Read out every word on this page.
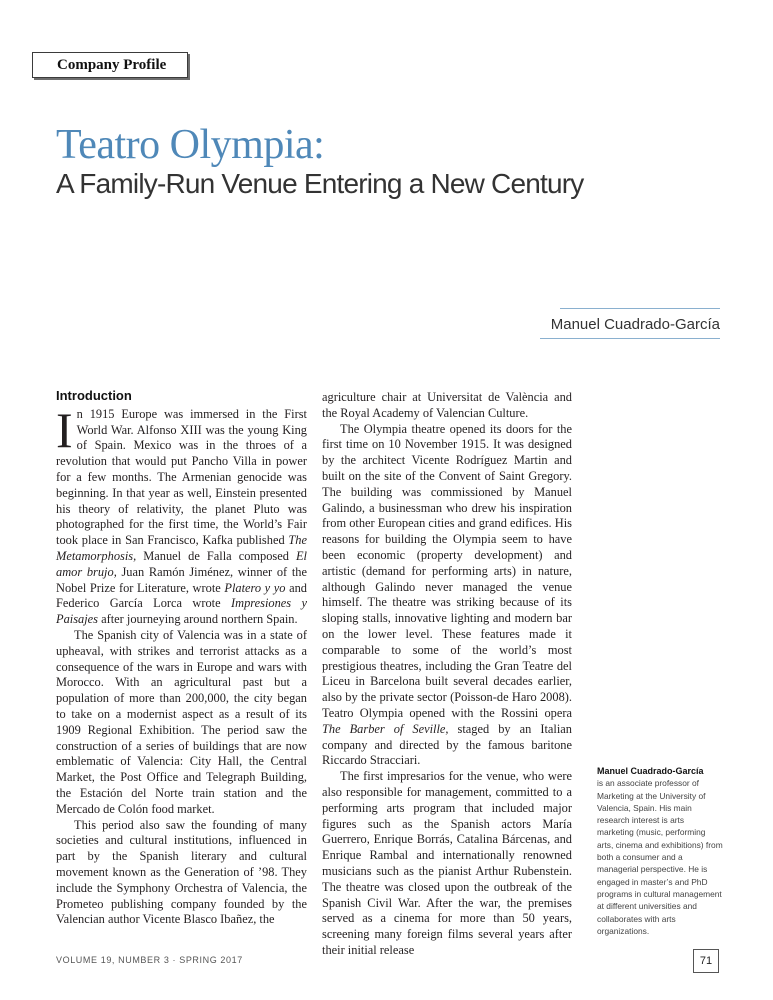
Company Profile
Teatro Olympia:
A Family-Run Venue Entering a New Century
Manuel Cuadrado-García
Introduction

In 1915 Europe was immersed in the First World War. Alfonso XIII was the young King of Spain. Mexico was in the throes of a revolution that would put Pancho Villa in power for a few months. The Armenian genocide was beginning. In that year as well, Einstein presented his theory of relativity, the planet Pluto was photographed for the first time, the World’s Fair took place in San Francisco, Kafka published The Metamorphosis, Manuel de Falla composed El amor brujo, Juan Ramón Jiménez, winner of the Nobel Prize for Literature, wrote Platero y yo and Federico García Lorca wrote Impresiones y Paisajes after journeying around northern Spain.

The Spanish city of Valencia was in a state of upheaval, with strikes and terrorist attacks as a consequence of the wars in Europe and wars with Morocco. With an agricultural past but a population of more than 200,000, the city began to take on a modernist aspect as a result of its 1909 Regional Exhibition. The period saw the construction of a series of buildings that are now emblematic of Valencia: City Hall, the Central Market, the Post Office and Telegraph Building, the Estación del Norte train station and the Mercado de Colón food market.

This period also saw the founding of many societies and cultural institutions, influenced in part by the Spanish literary and cultural movement known as the Generation of ’98. They include the Symphony Orchestra of Valencia, the Prometeo publishing company founded by the Valencian author Vicente Blasco Ibañez, the

agriculture chair at Universitat de València and the Royal Academy of Valencian Culture.

The Olympia theatre opened its doors for the first time on 10 November 1915. It was designed by the architect Vicente Rodríguez Martin and built on the site of the Convent of Saint Gregory. The building was commissioned by Manuel Galindo, a businessman who drew his inspiration from other European cities and grand edifices. His reasons for building the Olympia seem to have been economic (property development) and artistic (demand for performing arts) in nature, although Galindo never managed the venue himself. The theatre was striking because of its sloping stalls, innovative lighting and modern bar on the lower level. These features made it comparable to some of the world’s most prestigious theatres, including the Gran Teatre del Liceu in Barcelona built several decades earlier, also by the private sector (Poisson-de Haro 2008). Teatro Olympia opened with the Rossini opera The Barber of Seville, staged by an Italian company and directed by the famous baritone Riccardo Stracciari.

The first impresarios for the venue, who were also responsible for management, committed to a performing arts program that included major figures such as the Spanish actors María Guerrero, Enrique Borrás, Catalina Bárcenas, and Enrique Rambal and internationally renowned musicians such as the pianist Arthur Rubenstein. The theatre was closed upon the outbreak of the Spanish Civil War. After the war, the premises served as a cinema for more than 50 years, screening many foreign films several years after their initial release

Manuel Cuadrado-García
is an associate professor of Marketing at the University of Valencia, Spain. His main research interest is arts marketing (music, performing arts, cinema and exhibitions) from both a consumer and a managerial perspective. He is engaged in master’s and PhD programs in cultural management at different universities and collaborates with arts organizations.
VOLUME 19, NUMBER 3 · SPRING 2017	71
